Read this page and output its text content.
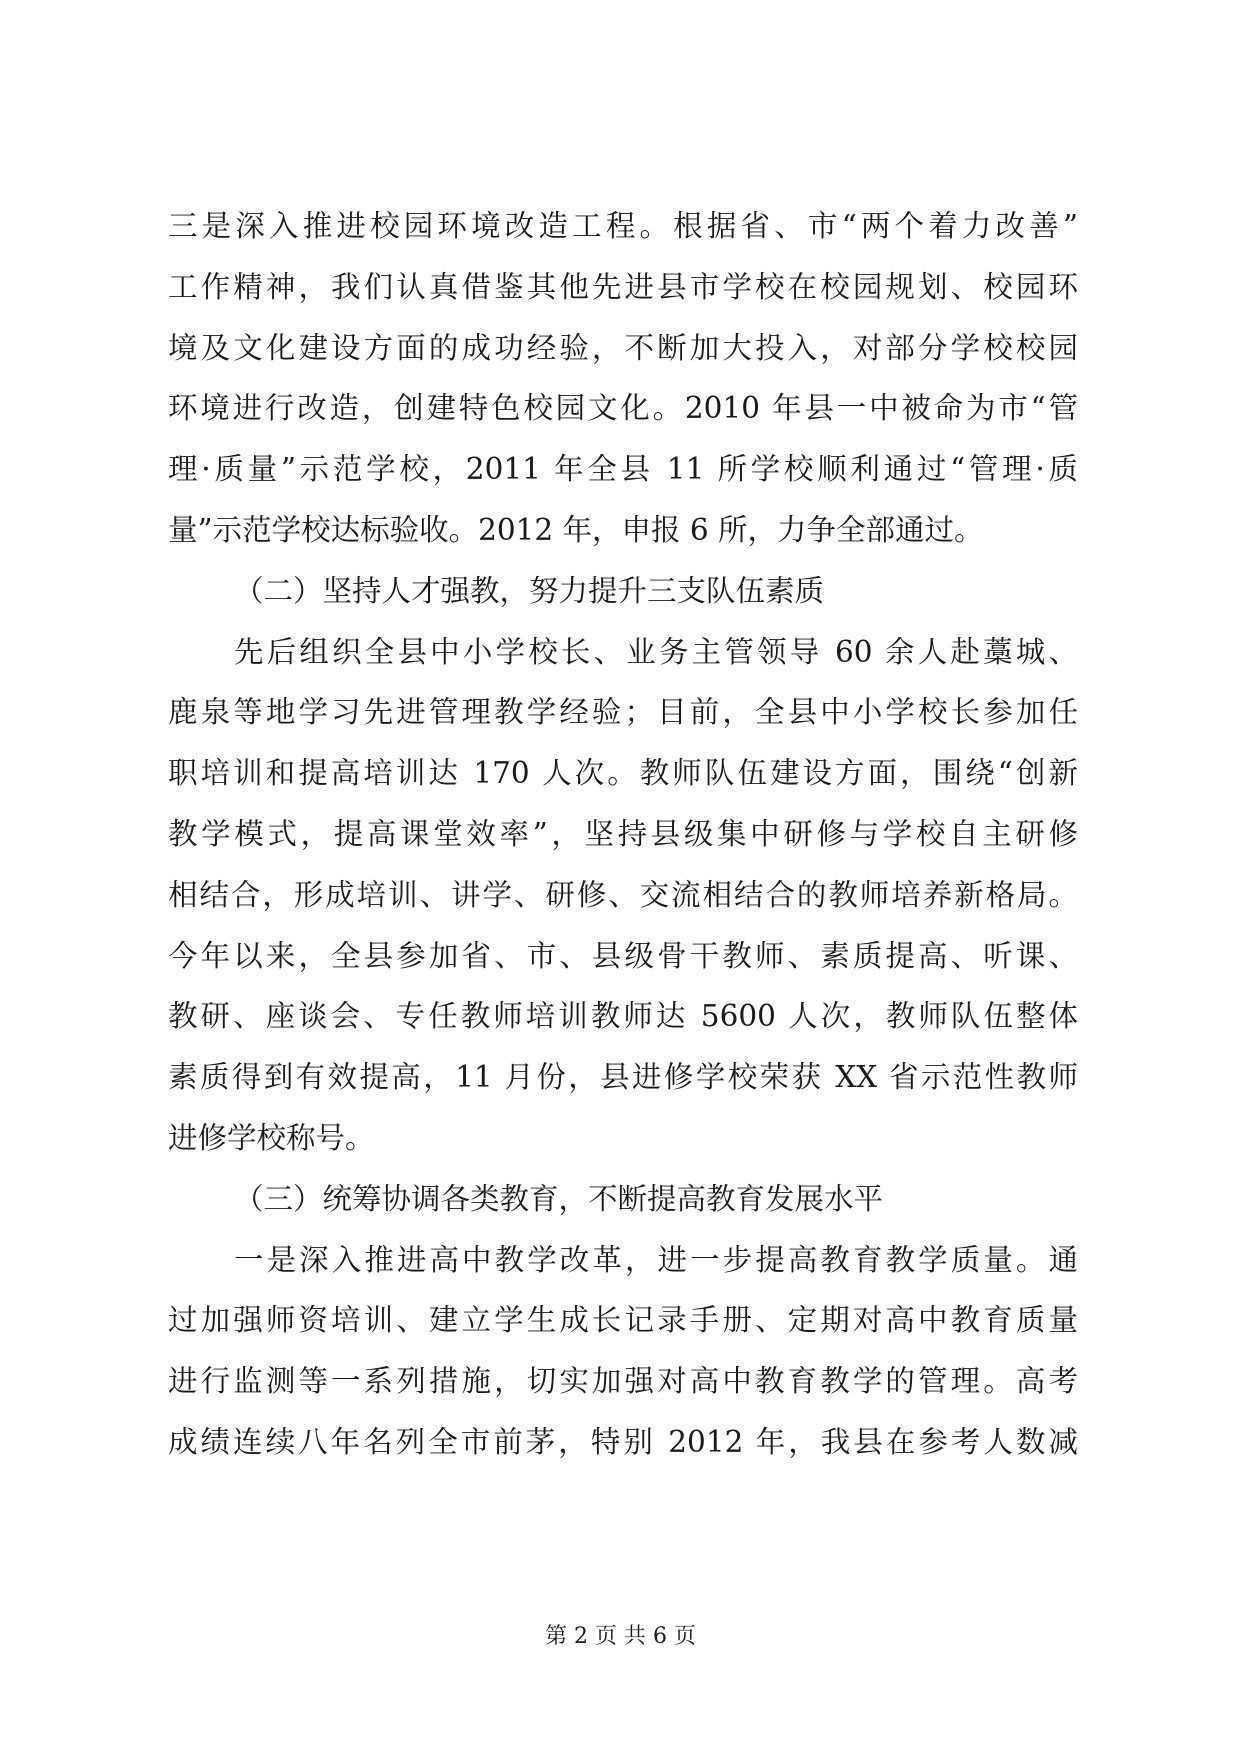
三是深入推进校园环境改造工程。根据省、市“两个着力改善”
工作精神，我们认真借鉴其他先进县市学校在校园规划、校园环
境及文化建设方面的成功经验，不断加大投入，对部分学校校园
环境进行改造，创建特色校园文化。2010 年县一中被命为市“管
理·质量”示范学校，2011 年全县 11 所学校顺利通过“管理·质
量”示范学校达标验收。2012 年，申报 6 所，力争全部通过。
（二）坚持人才强教，努力提升三支队伍素质
先后组织全县中小学校长、业务主管领导 60 余人赴藁城、
鹿泉等地学习先进管理教学经验；目前，全县中小学校长参加任
职培训和提高培训达 170 人次。教师队伍建设方面，围绕“创新
教学模式，提高课堂效率”，坚持县级集中研修与学校自主研修
相结合，形成培训、讲学、研修、交流相结合的教师培养新格局。
今年以来，全县参加省、市、县级骨干教师、素质提高、听课、
教研、座谈会、专任教师培训教师达 5600 人次，教师队伍整体
素质得到有效提高，11 月份，县进修学校荣获 XX 省示范性教师
进修学校称号。
（三）统筹协调各类教育，不断提高教育发展水平
一是深入推进高中教学改革，进一步提高教育教学质量。通
过加强师资培训、建立学生成长记录手册、定期对高中教育质量
进行监测等一系列措施，切实加强对高中教育教学的管理。高考
成绩连续八年名列全市前茅，特别 2012 年，我县在参考人数减
第 2 页 共 6 页
